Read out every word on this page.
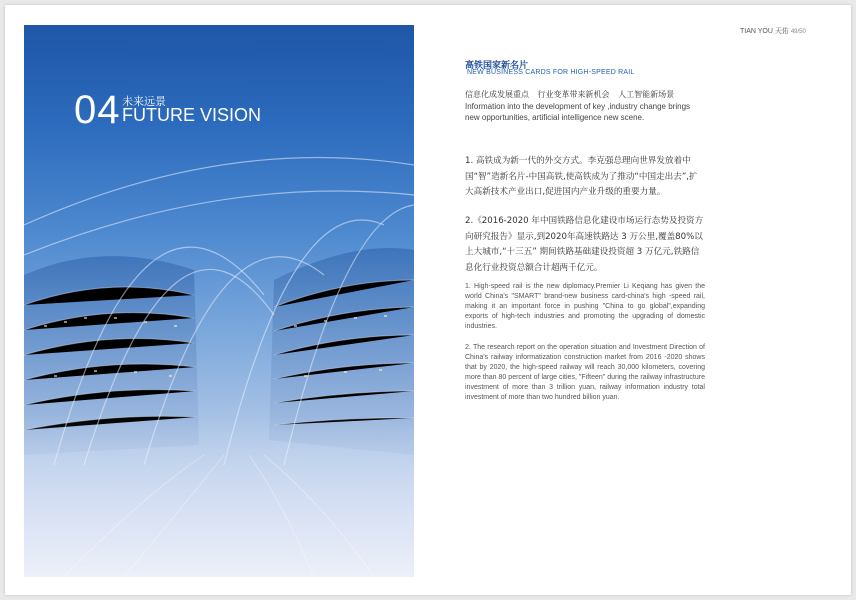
TIAN YOU 天佑 49/50
04 未来远景
FUTURE VISION
高铁国家新名片
NEW BUSINESS CARDS FOR HIGH-SPEED RAIL
信息化成发展重点 行业变革带来新机会 人工智能新场景
Information into the development of key ,industry change brings new opportunities, artificial intelligence new scene.
1. 高铁成为新一代的外交方式。李克强总理向世界发放着中国“智”造新名片-中国高铁,使高铁成为了推动“中国走出去”,扩大高新技术产业出口,促进国内产业升级的重要力量。
2.《2016-2020 年中国铁路信息化建设市场运行态势及投资方向研究报告》显示,到2020年高速铁路达 3 万公里,覆盖80%以上大城市,“十三五” 期间铁路基础建设投资超 3 万亿元,铁路信息化行业投资总额合计超两千亿元。
1. High-speed rail is the new diplomacy.Premier Li Keqiang has given the world China's "SMART" brand-new business card-china's high -speed rail, making it an important force in pushing "China to go global",expanding exports of high-tech industries and promoting the upgrading of domestic industries.
2. The research report on the operation situation and Investment Direction of China's railway informatization construction market from 2016 -2020 shows that by 2020, the high-speed railway will reach 30,000 kilometers, covering more than 80 percent of large cities, "Fifteen" during the railway infrastructure investment of more than 3 trillion yuan, railway information industry total investment of more than two hundred billion yuan.
